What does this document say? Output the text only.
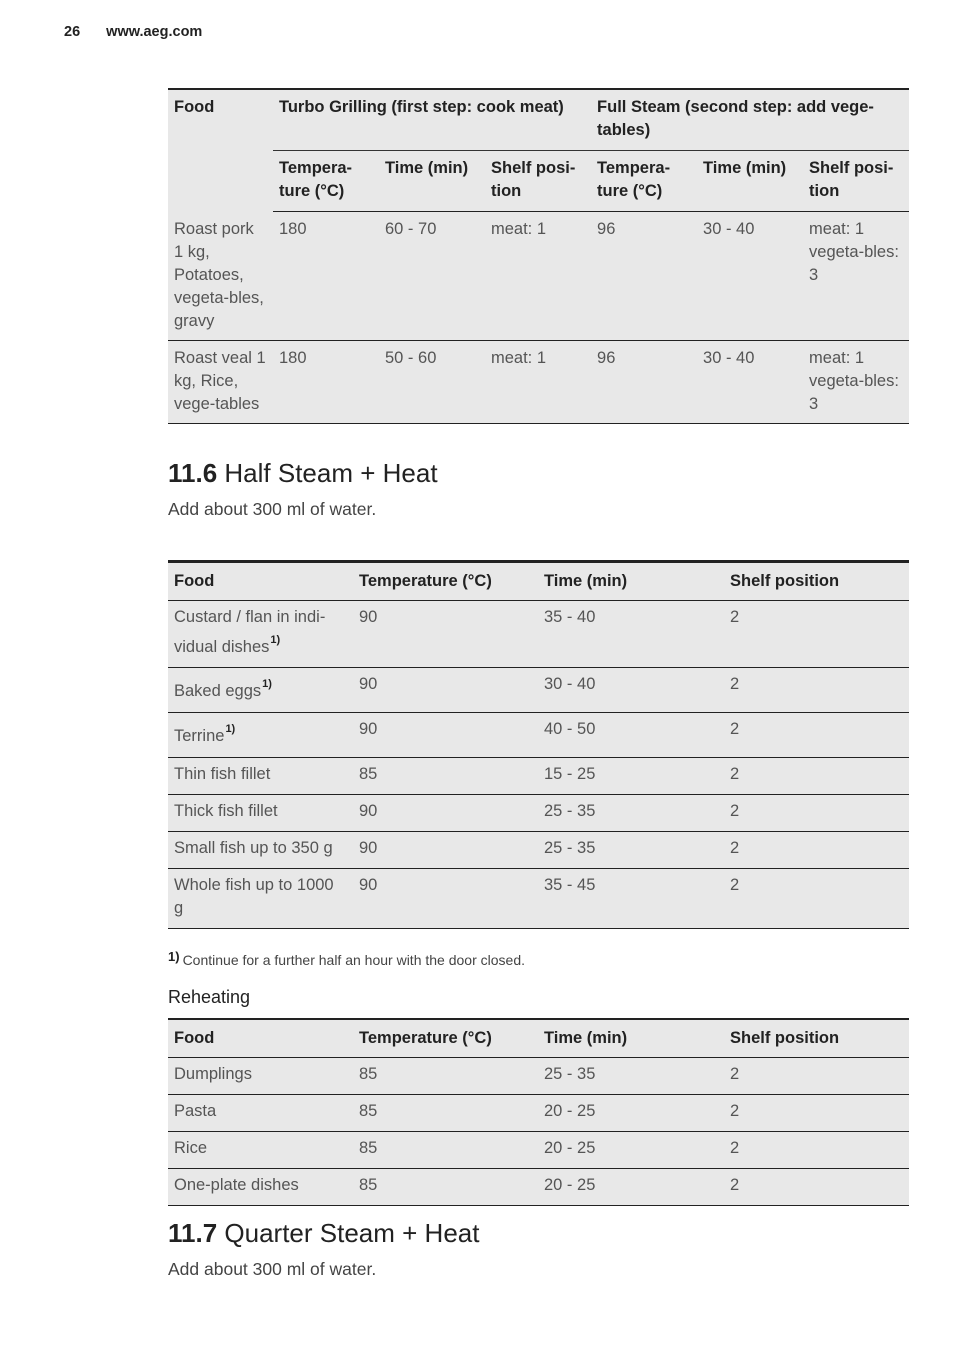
26 www.aeg.com
Food	Turbo Grilling (first step: cook meat)			Full Steam (second step: add vege-tables)		
	Tempera-ture (°C)	Time (min)	Shelf posi-tion	Tempera-ture (°C)	Time (min)	Shelf posi-tion
Roast pork 1 kg, Potatoes, vegeta-bles, gravy	180	60 - 70	meat: 1	96	30 - 40	meat: 1 vegeta-bles: 3
Roast veal 1 kg, Rice, vege-tables	180	50 - 60	meat: 1	96	30 - 40	meat: 1 vegeta-bles: 3
11.6 Half Steam + Heat
Add about 300 ml of water.
Food	Temperature (°C)	Time (min)	Shelf position
Custard / flan in indi-vidual dishes$^{1)}$	90	35 - 40	2
Baked eggs$^{1)}$	90	30 - 40	2
Terrine$^{1)}$	90	40 - 50	2
Thin fish fillet	85	15 - 25	2
Thick fish fillet	90	25 - 35	2
Small fish up to 350 g	90	25 - 35	2
Whole fish up to 1000 g	90	35 - 45	2
1) Continue for a further half an hour with the door closed.
Reheating
Food	Temperature (°C)	Time (min)	Shelf position
Dumplings	85	25 - 35	2
Pasta	85	20 - 25	2
Rice	85	20 - 25	2
One-plate dishes	85	20 - 25	2
11.7 Quarter Steam + Heat
Add about 300 ml of water.
